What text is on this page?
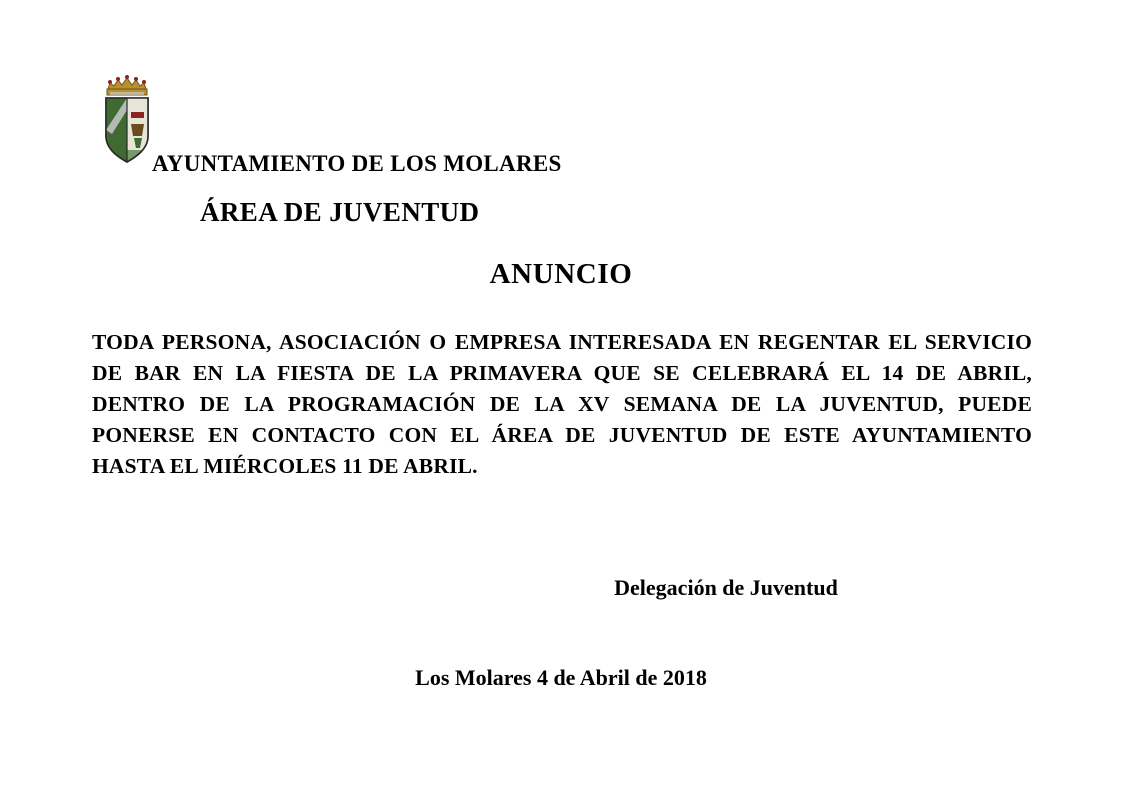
AYUNTAMIENTO DE LOS MOLARES
ÁREA DE JUVENTUD
ANUNCIO
TODA PERSONA, ASOCIACIÓN O EMPRESA INTERESADA EN REGENTAR EL SERVICIO DE BAR EN LA FIESTA DE LA PRIMAVERA QUE SE CELEBRARÁ EL 14 DE ABRIL, DENTRO DE LA PROGRAMACIÓN DE LA XV SEMANA DE LA JUVENTUD, PUEDE PONERSE EN CONTACTO CON EL ÁREA DE JUVENTUD DE ESTE AYUNTAMIENTO HASTA EL MIÉRCOLES 11 DE ABRIL.
Delegación de Juventud
Los Molares 4 de Abril de 2018
